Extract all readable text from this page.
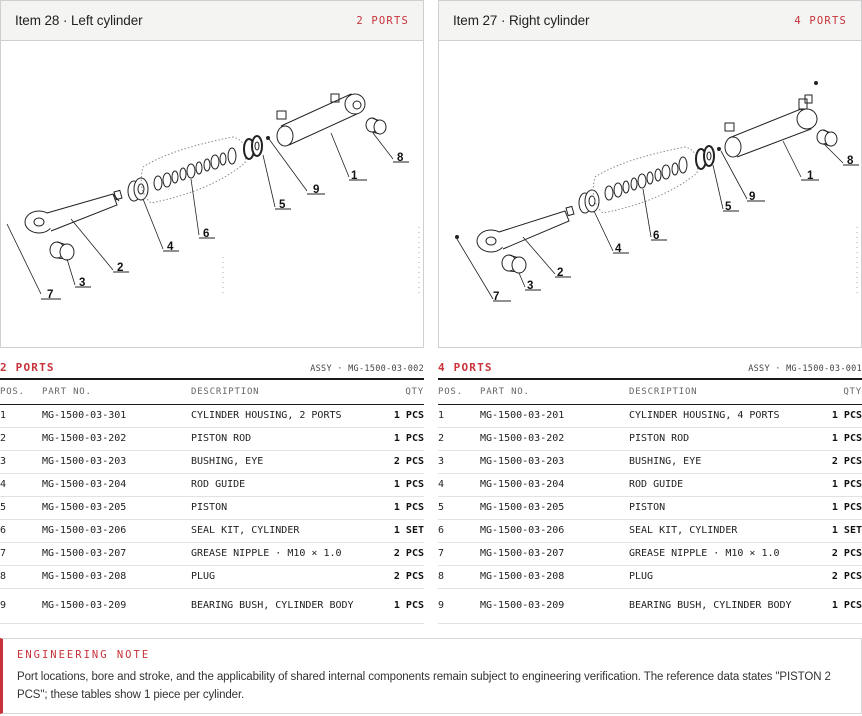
Item 28 · Left cylinder	2 PORTS
1
2
3
4
5
6
7
8
9
Item 27 · Right cylinder	4 PORTS
1
2
3
4
5
6
7
8
9
2 PORTS	ASSY · MG-1500-03-002
POS.	PART NO.	DESCRIPTION	QTY
1	MG-1500-03-301	CYLINDER HOUSING, 2 PORTS	1 PCS
2	MG-1500-03-202	PISTON ROD	1 PCS
3	MG-1500-03-203	BUSHING, EYE	2 PCS
4	MG-1500-03-204	ROD GUIDE	1 PCS
5	MG-1500-03-205	PISTON	1 PCS
6	MG-1500-03-206	SEAL KIT, CYLINDER	1 SET
7	MG-1500-03-207	GREASE NIPPLE · M10 × 1.0	2 PCS
8	MG-1500-03-208	PLUG	2 PCS
9	MG-1500-03-209	BEARING BUSH, CYLINDER BODY	1 PCS
4 PORTS	ASSY · MG-1500-03-001
POS.	PART NO.	DESCRIPTION	QTY
1	MG-1500-03-201	CYLINDER HOUSING, 4 PORTS	1 PCS
2	MG-1500-03-202	PISTON ROD	1 PCS
3	MG-1500-03-203	BUSHING, EYE	2 PCS
4	MG-1500-03-204	ROD GUIDE	1 PCS
5	MG-1500-03-205	PISTON	1 PCS
6	MG-1500-03-206	SEAL KIT, CYLINDER	1 SET
7	MG-1500-03-207	GREASE NIPPLE · M10 × 1.0	2 PCS
8	MG-1500-03-208	PLUG	2 PCS
9	MG-1500-03-209	BEARING BUSH, CYLINDER BODY	1 PCS
ENGINEERING NOTE
Port locations, bore and stroke, and the applicability of shared internal components remain subject to engineering verification. The reference data states "PISTON 2 PCS"; these tables show 1 piece per cylinder.
